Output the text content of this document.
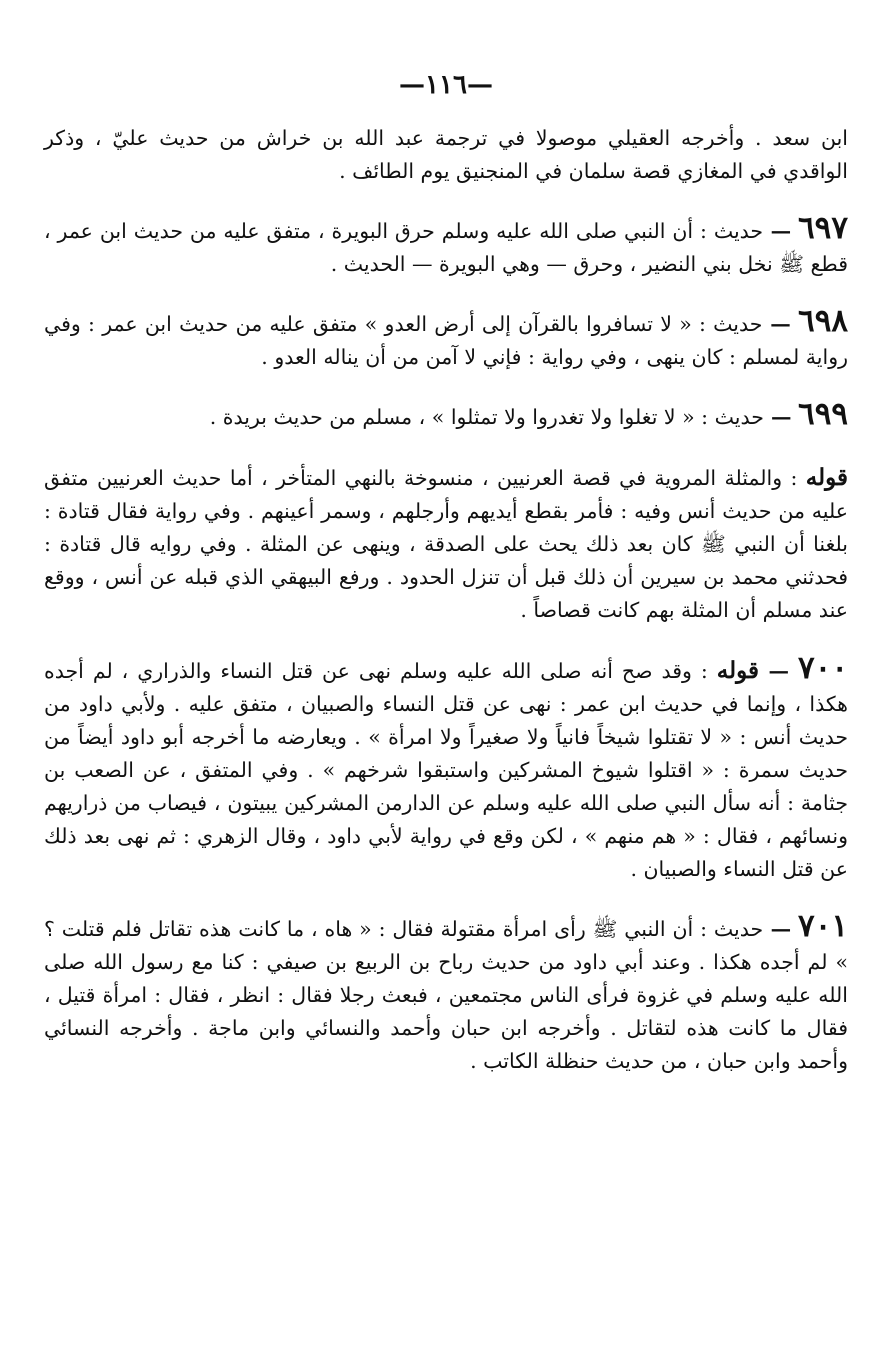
—١١٦—

ابن سعد . وأخرجه العقيلي موصولا في ترجمة عبد الله بن خراش من حديث عليّ ، وذكر الواقدي في المغازي قصة سلمان في المنجنيق يوم الطائف .

٦٩٧ — حديث : أن النبي صلى الله عليه وسلم حرق البويرة ، متفق عليه من حديث ابن عمر ، قطع ﷺ نخل بني النضير ، وحرق — وهي البويرة — الحديث .

٦٩٨ — حديث : « لا تسافروا بالقرآن إلى أرض العدو » متفق عليه من حديث ابن عمر : وفي رواية لمسلم : كان ينهى ، وفي رواية : فإني لا آمن من أن يناله العدو .

٦٩٩ — حديث : « لا تغلوا ولا تغدروا ولا تمثلوا » ، مسلم من حديث بريدة .

قوله : والمثلة المروية في قصة العرنيين ، منسوخة بالنهي المتأخر ، أما حديث العرنيين متفق عليه من حديث أنس وفيه : فأمر بقطع أيديهم وأرجلهم ، وسمر أعينهم . وفي رواية فقال قتادة : بلغنا أن النبي ﷺ كان بعد ذلك يحث على الصدقة ، وينهى عن المثلة . وفي روايه قال قتادة : فحدثني محمد بن سيرين أن ذلك قبل أن تنزل الحدود . ورفع البيهقي الذي قبله عن أنس ، ووقع عند مسلم أن المثلة بهم كانت قصاصاً .

٧٠٠ — قوله : وقد صح أنه صلى الله عليه وسلم نهى عن قتل النساء والذراري ، لم أجده هكذا ، وإنما في حديث ابن عمر : نهى عن قتل النساء والصبيان ، متفق عليه . ولأبي داود من حديث أنس : « لا تقتلوا شيخاً فانياً ولا صغيراً ولا امرأة » . ويعارضه ما أخرجه أبو داود أيضاً من حديث سمرة : « اقتلوا شيوخ المشركين واستبقوا شرخهم » . وفي المتفق ، عن الصعب بن جثامة : أنه سأل النبي صلى الله عليه وسلم عن الدارمن المشركين يبيتون ، فيصاب من ذراريهم ونسائهم ، فقال : « هم منهم » ، لكن وقع في رواية لأبي داود ، وقال الزهري : ثم نهى بعد ذلك عن قتل النساء والصبيان .

٧٠١ — حديث : أن النبي ﷺ رأى امرأة مقتولة فقال : « هاه ، ما كانت هذه تقاتل فلم قتلت ؟ » لم أجده هكذا . وعند أبي داود من حديث رباح بن الربيع بن صيفي : كنا مع رسول الله صلى الله عليه وسلم في غزوة فرأى الناس مجتمعين ، فبعث رجلا فقال : انظر ، فقال : امرأة قتيل ، فقال ما كانت هذه لتقاتل . وأخرجه ابن حبان وأحمد والنسائي وابن ماجة . وأخرجه النسائي وأحمد وابن حبان ، من حديث حنظلة الكاتب .
